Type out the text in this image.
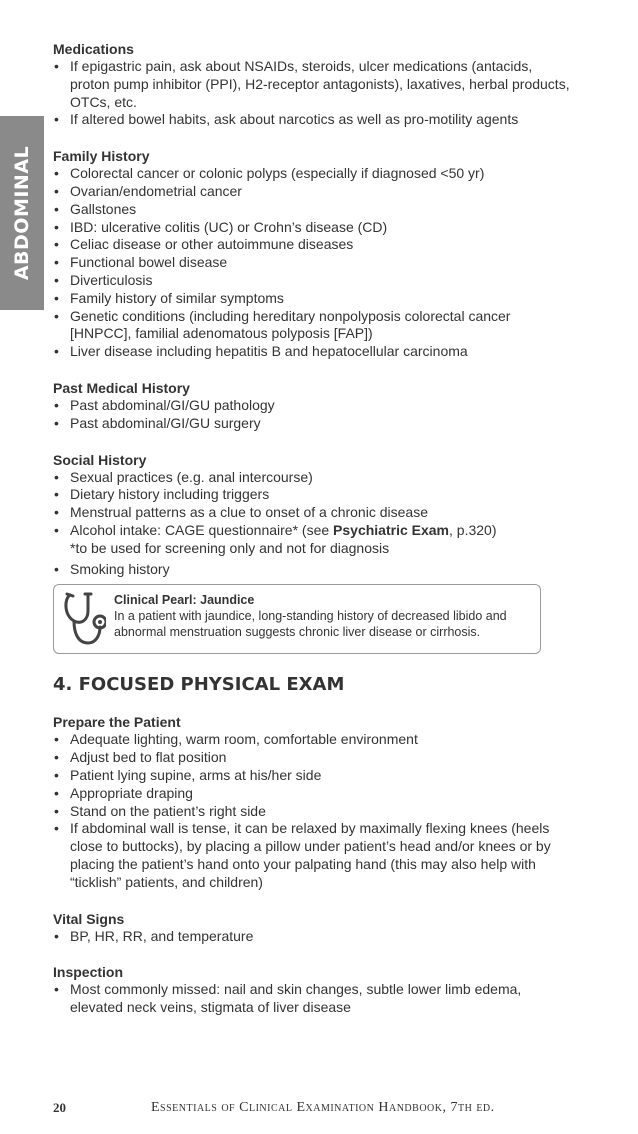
ABDOMINAL
Medications
• If epigastric pain, ask about NSAIDs, steroids, ulcer medications (antacids, proton pump inhibitor (PPI), H2-receptor antagonists), laxatives, herbal products, OTCs, etc.
• If altered bowel habits, ask about narcotics as well as pro-motility agents
Family History
• Colorectal cancer or colonic polyps (especially if diagnosed <50 yr)
• Ovarian/endometrial cancer
• Gallstones
• IBD: ulcerative colitis (UC) or Crohn’s disease (CD)
• Celiac disease or other autoimmune diseases
• Functional bowel disease
• Diverticulosis
• Family history of similar symptoms
• Genetic conditions (including hereditary nonpolyposis colorectal cancer [HNPCC], familial adenomatous polyposis [FAP])
• Liver disease including hepatitis B and hepatocellular carcinoma
Past Medical History
• Past abdominal/GI/GU pathology
• Past abdominal/GI/GU surgery
Social History
• Sexual practices (e.g. anal intercourse)
• Dietary history including triggers
• Menstrual patterns as a clue to onset of a chronic disease
• Alcohol intake: CAGE questionnaire* (see Psychiatric Exam, p.320)
*to be used for screening only and not for diagnosis
• Smoking history
Clinical Pearl: Jaundice
In a patient with jaundice, long-standing history of decreased libido and abnormal menstruation suggests chronic liver disease or cirrhosis.
4. FOCUSED PHYSICAL EXAM
Prepare the Patient
• Adequate lighting, warm room, comfortable environment
• Adjust bed to flat position
• Patient lying supine, arms at his/her side
• Appropriate draping
• Stand on the patient’s right side
• If abdominal wall is tense, it can be relaxed by maximally flexing knees (heels close to buttocks), by placing a pillow under patient’s head and/or knees or by placing the patient’s hand onto your palpating hand (this may also help with “ticklish” patients, and children)
Vital Signs
• BP, HR, RR, and temperature
Inspection
• Most commonly missed: nail and skin changes, subtle lower limb edema, elevated neck veins, stigmata of liver disease
20	Essentials of Clinical Examination Handbook, 7th ed.
